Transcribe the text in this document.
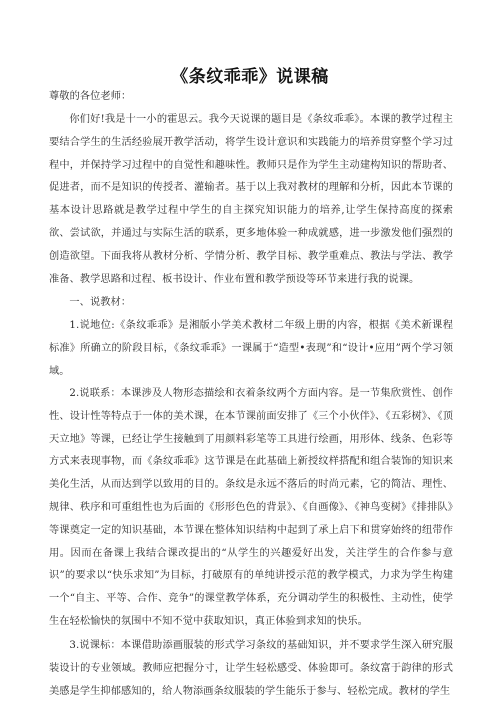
《条纹乖乖》说课稿

尊敬的各位老师：

你们好!我是十一小的霍思云。我今天说课的题目是《条纹乖乖》。本课的教学过程主要结合学生的生活经验展开教学活动，将学生设计意识和实践能力的培养贯穿整个学习过程中，并保持学习过程中的自觉性和趣味性。教师只是作为学生主动建构知识的帮助者、促进者，而不是知识的传授者、灌输者。基于以上我对教材的理解和分析，因此本节课的基本设计思路就是教学过程中学生的自主探究知识能力的培养,让学生保持高度的探索欲、尝试欲，并通过与实际生活的联系，更多地体验一种成就感，进一步激发他们强烈的创造欲望。下面我将从教材分析、学情分析、教学目标、教学重难点、教法与学法、教学准备、教学思路和过程、板书设计、作业布置和教学预设等环节来进行我的说课。

一、说教材：

1.说地位:《条纹乖乖》是湘版小学美术教材二年级上册的内容，根据《美术新课程标准》所确立的阶段目标，《条纹乖乖》一课属于“造型•表现”和“设计•应用”两个学习领域。

2.说联系：本课涉及人物形态描绘和衣着条纹两个方面内容。是一节集欣赏性、创作性、设计性等特点于一体的美术课，在本节课前面安排了《三个小伙伴》、《五彩树》、《顶天立地》等课，已经让学生接触到了用颜料彩笔等工具进行绘画，用形体、线条、色彩等方式来表现事物，而《条纹乖乖》这节课是在此基础上新授纹样搭配和组合装饰的知识来美化生活，从而达到学以致用的目的。条纹是永远不落后的时尚元素，它的简洁、理性、规律、秩序和可重组性也为后面的《形形色色的背景》、《自画像》、《神鸟变树》《排排队》等课奠定一定的知识基础，本节课在整体知识结构中起到了承上启下和贯穿始终的纽带作用。因而在备课上我结合课改提出的“从学生的兴趣爱好出发，关注学生的合作参与意识”的要求以“快乐求知”为目标，打破原有的单纯讲授示范的教学模式，力求为学生构建一个“自主、平等、合作、竞争”的课堂教学体系，充分调动学生的积极性、主动性，使学生在轻松愉快的氛围中不知不觉中获取知识，真正体验到求知的快乐。

3.说课标：本课借助添画服装的形式学习条纹的基础知识，并不要求学生深入研究服装设计的专业领域。教师应把握分寸，让学生轻松感受、体验即可。条纹富于韵律的形式美感是学生抑郁感知的，给人物添画条纹服装的学生能乐于参与、轻松完成。教材的学生
